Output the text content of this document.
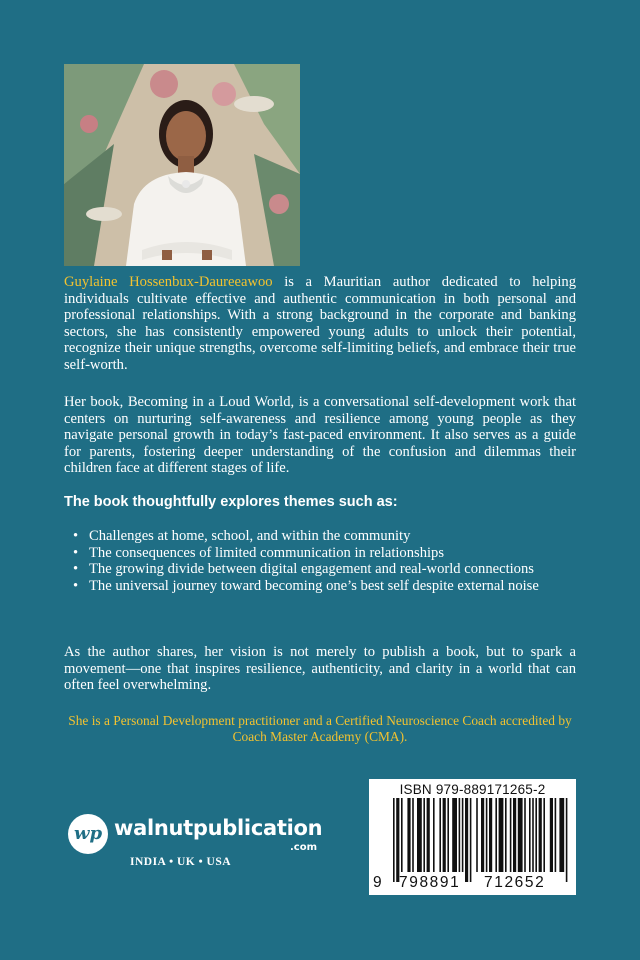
Guylaine Hossenbux-Daureeawoo is a Mauritian author dedicated to helping individuals cultivate effective and authentic communication in both personal and professional relationships. With a strong background in the corporate and banking sectors, she has consistently empowered young adults to unlock their potential, recognize their unique strengths, overcome self-limiting beliefs, and embrace their true self-worth.
Her book, Becoming in a Loud World, is a conversational self-development work that centers on nurturing self-awareness and resilience among young people as they navigate personal growth in today’s fast-paced environment. It also serves as a guide for parents, fostering deeper understanding of the confusion and dilemmas their children face at different stages of life.
The book thoughtfully explores themes such as:
• Challenges at home, school, and within the community
• The consequences of limited communication in relationships
• The growing divide between digital engagement and real-world connections
• The universal journey toward becoming one’s best self despite external noise
As the author shares, her vision is not merely to publish a book, but to spark a movement—one that inspires resilience, authenticity, and clarity in a world that can often feel overwhelming.
She is a Personal Development practitioner and a Certified Neuroscience Coach accredited by Coach Master Academy (CMA).
wp walnutpublication
.com
INDIA • UK • USA
ISBN 979-889171265-2
9 798891 712652
